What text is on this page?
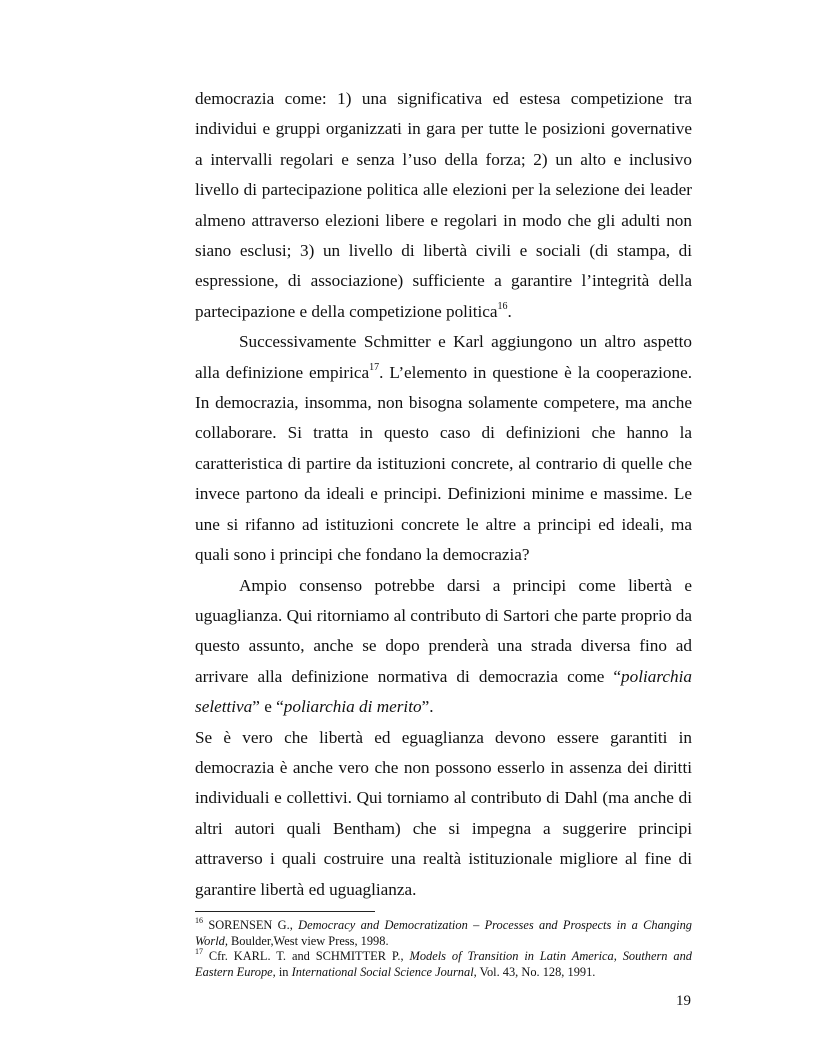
democrazia come: 1) una significativa ed estesa competizione tra individui e gruppi organizzati in gara per tutte le posizioni governative a intervalli regolari e senza l’uso della forza; 2) un alto e inclusivo livello di partecipazione politica alle elezioni per la selezione dei leader almeno attraverso elezioni libere e regolari in modo che gli adulti non siano esclusi; 3) un livello di libertà civili e sociali (di stampa, di espressione, di associazione) sufficiente a garantire l’integrità della partecipazione e della competizione politica$^{16}$.

Successivamente Schmitter e Karl aggiungono un altro aspetto alla definizione empirica$^{17}$. L’elemento in questione è la cooperazione. In democrazia, insomma, non bisogna solamente competere, ma anche collaborare. Si tratta in questo caso di definizioni che hanno la caratteristica di partire da istituzioni concrete, al contrario di quelle che invece partono da ideali e principi. Definizioni minime e massime. Le une si rifanno ad istituzioni concrete le altre a principi ed ideali, ma quali sono i principi che fondano la democrazia?

Ampio consenso potrebbe darsi a principi come libertà e uguaglianza. Qui ritorniamo al contributo di Sartori che parte proprio da questo assunto, anche se dopo prenderà una strada diversa fino ad arrivare alla definizione normativa di democrazia come “poliarchia selettiva” e “poliarchia di merito”.

Se è vero che libertà ed eguaglianza devono essere garantiti in democrazia è anche vero che non possono esserlo in assenza dei diritti individuali e collettivi. Qui torniamo al contributo di Dahl (ma anche di altri autori quali Bentham) che si impegna a suggerire principi attraverso i quali costruire una realtà istituzionale migliore al fine di garantire libertà ed uguaglianza.

$^{16}$ SORENSEN G., Democracy and Democratization – Processes and Prospects in a Changing World, Boulder,West view Press, 1998.

$^{17}$ Cfr. KARL. T. and SCHMITTER P., Models of Transition in Latin America, Southern and Eastern Europe, in International Social Science Journal, Vol. 43, No. 128, 1991.

19
